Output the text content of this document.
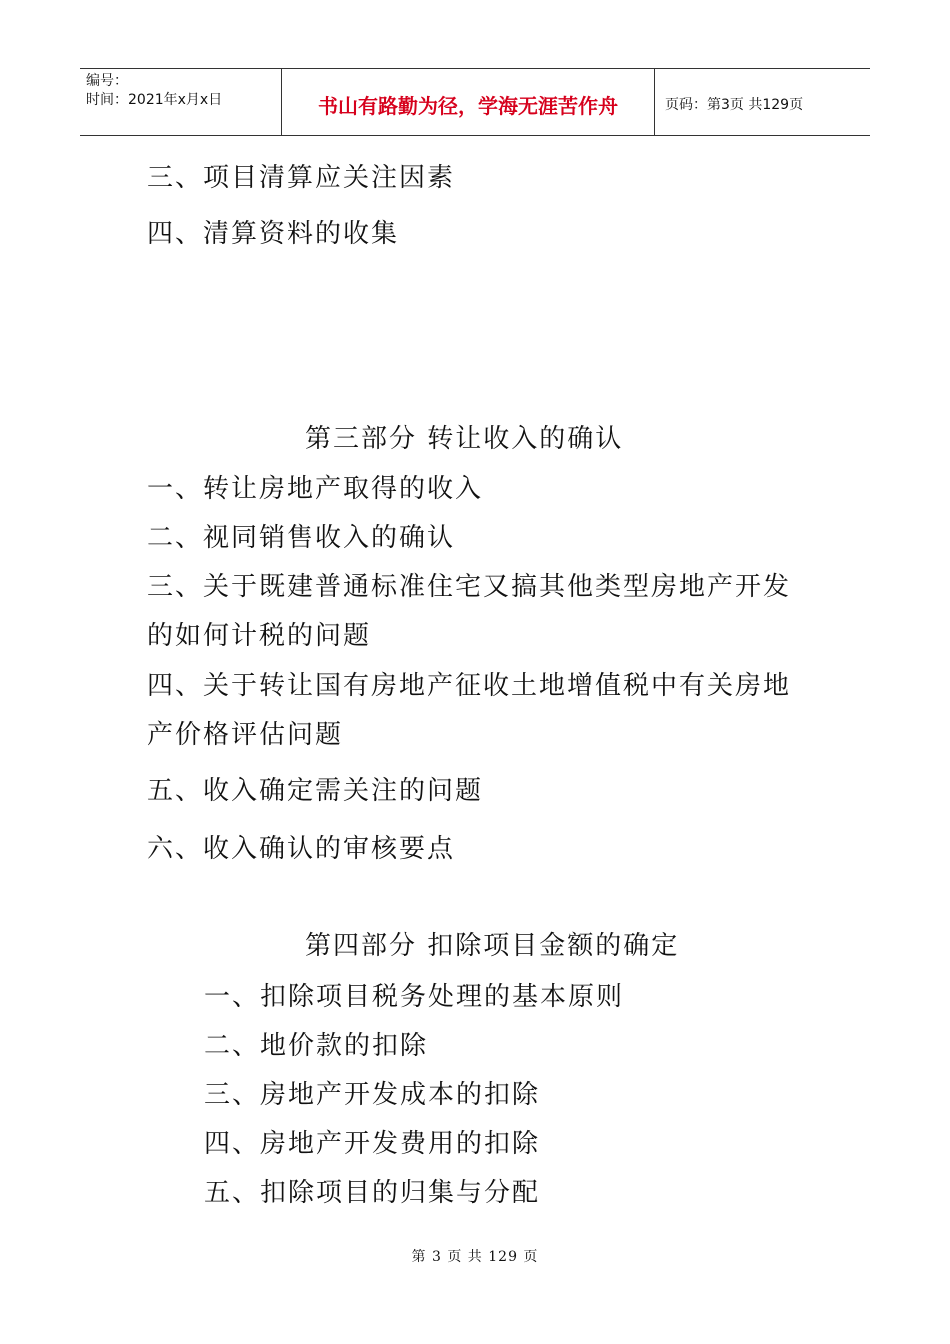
编号：
时间：2021年x月x日	书山有路勤为径，学海无涯苦作舟	页码：第3页 共129页
三、项目清算应关注因素
四、清算资料的收集
第三部分 转让收入的确认
一、转让房地产取得的收入
二、视同销售收入的确认
三、关于既建普通标准住宅又搞其他类型房地产开发
的如何计税的问题
四、关于转让国有房地产征收土地增值税中有关房地
产价格评估问题
五、收入确定需关注的问题
六、收入确认的审核要点
第四部分 扣除项目金额的确定
一、扣除项目税务处理的基本原则
二、地价款的扣除
三、房地产开发成本的扣除
四、房地产开发费用的扣除
五、扣除项目的归集与分配
第 3 页 共 129 页
